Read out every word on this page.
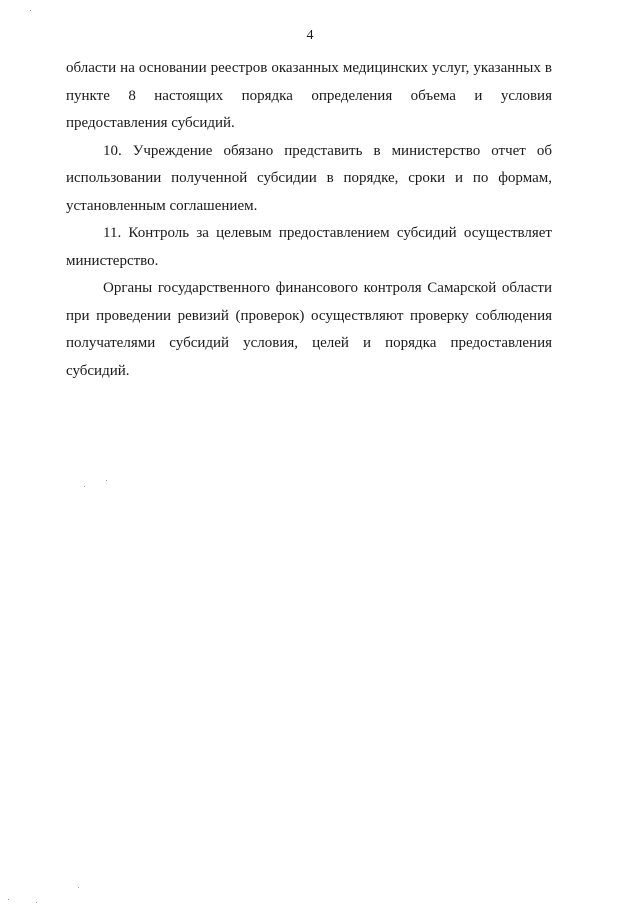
4

области на основании реестров оказанных медицинских услуг, указанных в
пункте 8 настоящих порядка определения объема и условия
предоставления субсидий.

10. Учреждение обязано представить в министерство отчет об
использовании полученной субсидии в порядке, сроки и по формам,
установленным соглашением.

11. Контроль за целевым предоставлением субсидий осуществляет
министерство.

Органы государственного финансового контроля Самарской области
при проведении ревизий (проверок) осуществляют проверку соблюдения
получателями субсидий условия, целей и порядка предоставления
субсидий.
